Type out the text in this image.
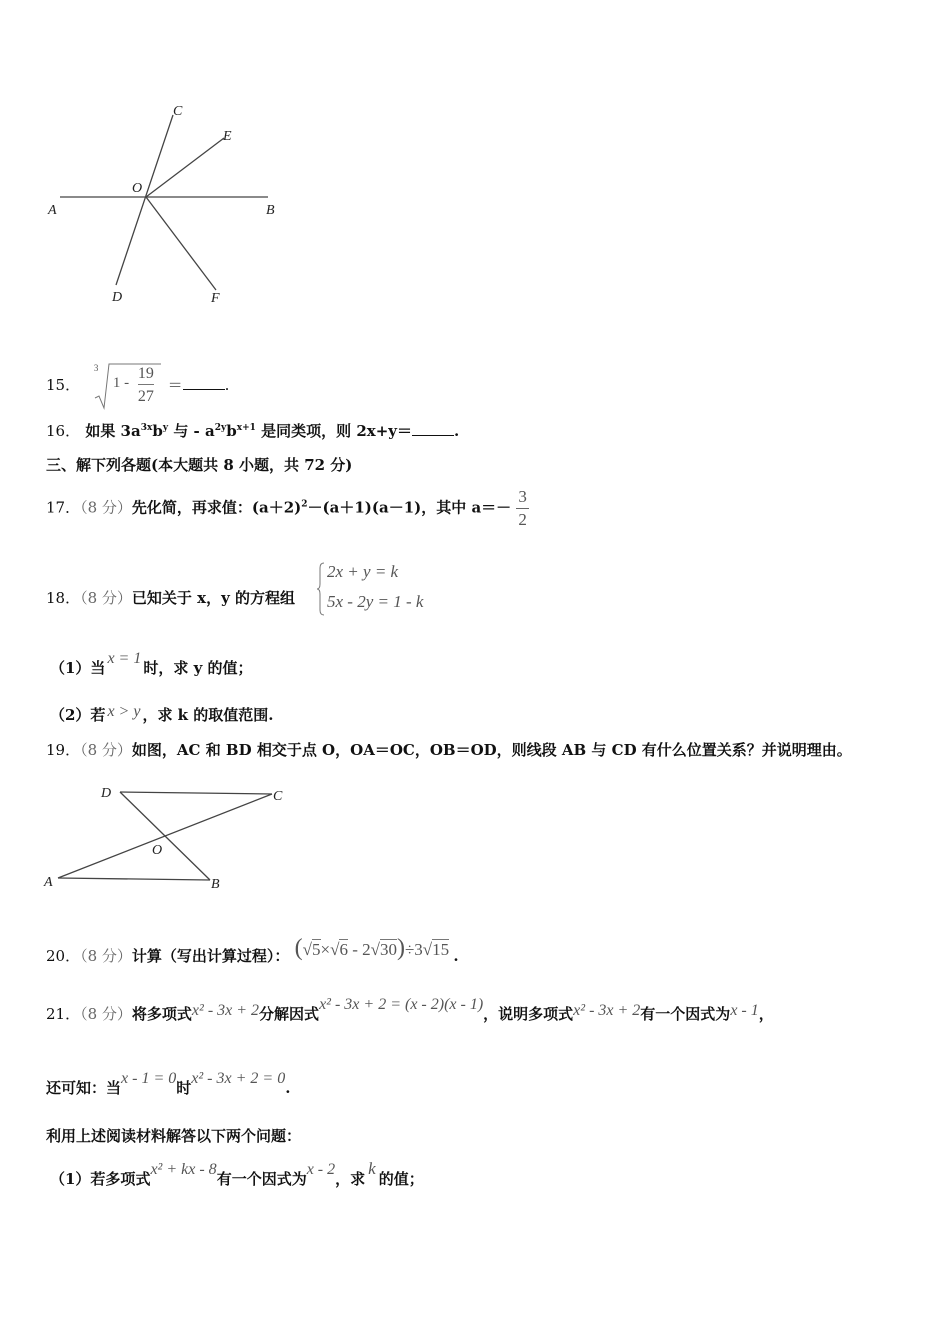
C
E
O
A	B
D	F
15．
3
1 -
19
27
＝	.
16． 如果 $3a^{3x}b^y$ 与 - $a^{2y}b^{x+1}$ 是同类项，则 2x+y＝	.
三、解下列各题(本大题共 8 小题，共 72 分)
17．（8 分）先化简，再求值：$(a+2)^2-(a+1)(a-1)$，其中 $a=- \frac{3}{2}$
18．（8 分）已知关于 x，y 的方程组
2x + y = k
5x - 2y = 1 - k
（1）当x = 1时，求 y 的值；
（2）若 x > y ，求 k 的取值范围.
19．（8 分）如图，AC 和 BD 相交于点 O，OA＝OC，OB＝OD，则线段 AB 与 CD 有什么位置关系？并说明理由。
D	C
O
A	B
20．（8 分）计算（写出计算过程）： (√5×√6 - 2√30)÷3√15 .
21．（8 分）将多项式x² - 3x + 2分解因式x² - 3x + 2 = (x - 2)(x - 1)，说明多项式x² - 3x + 2有一个因式为x - 1，
还可知：当x - 1 = 0时x² - 3x + 2 = 0.
利用上述阅读材料解答以下两个问题：
（1）若多项式x² + kx - 8有一个因式为x - 2，求k的值；
